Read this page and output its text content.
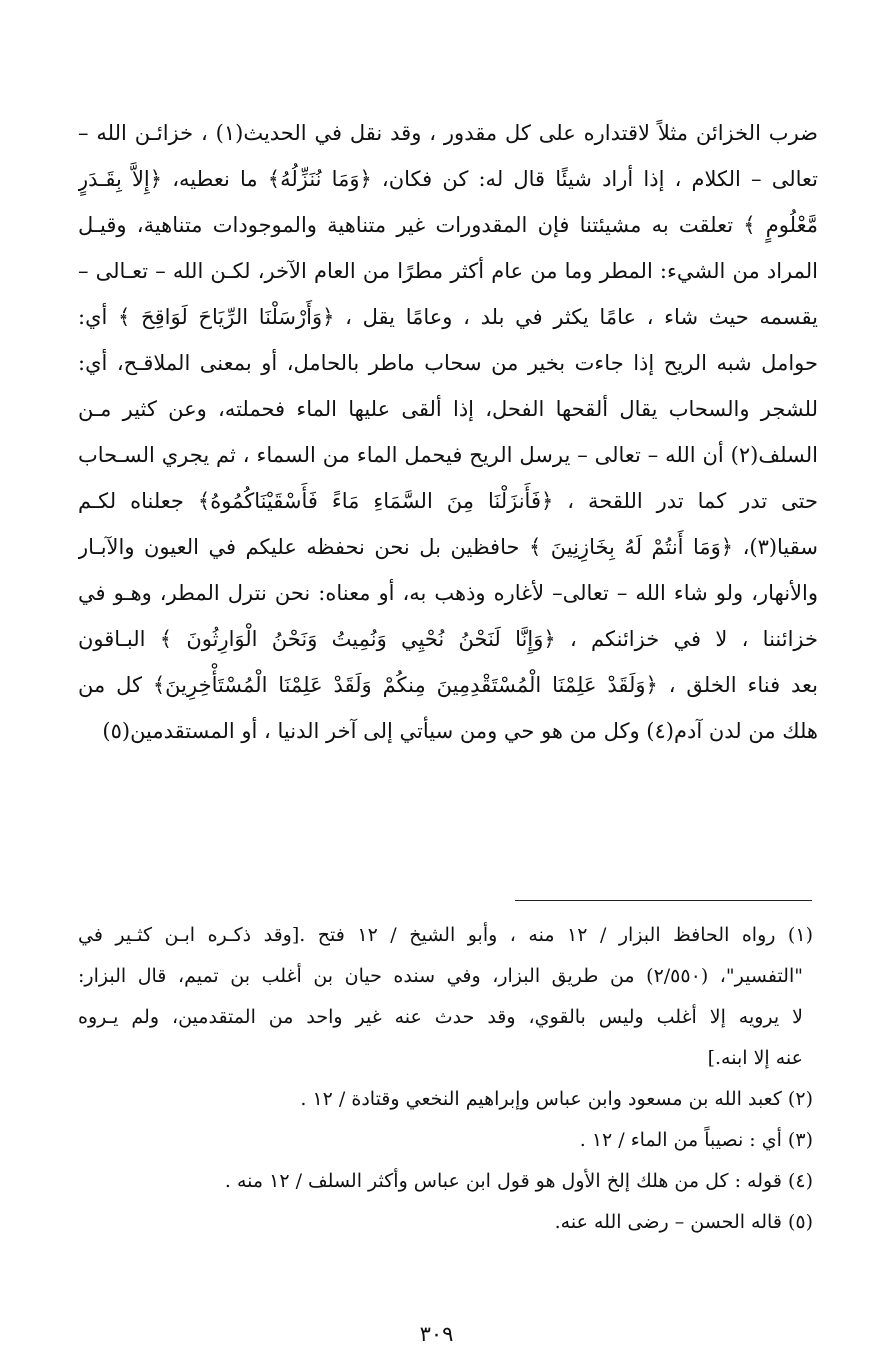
ضرب الخزائن مثلاً لاقتداره على كل مقدور ، وقد نقل في الحديث(١) ، خزائـن الله –
تعالى – الكلام ، إذا أراد شيئًا قال له: كن فكان، ﴿وَمَا نُنَزِّلُهُ﴾ ما نعطيه، ﴿إِلاَّ بِقَـدَرٍ
مَّعْلُومٍ ﴾ تعلقت به مشيئتنا فإن المقدورات غير متناهية والموجودات متناهية، وقيـل
المراد من الشيء: المطر وما من عام أكثر مطرًا من العام الآخر، لكـن الله – تعـالى –
يقسمه حيث شاء ، عامًا يكثر في بلد ، وعامًا يقل ، ﴿وَأَرْسَلْنَا الرِّيَاحَ لَوَاقِحَ ﴾ أي:
حوامل شبه الريح إذا جاءت بخير من سحاب ماطر بالحامل، أو بمعنى الملاقـح، أي:
للشجر والسحاب يقال ألقحها الفحل، إذا ألقى عليها الماء فحملته، وعن كثير مـن
السلف(٢) أن الله – تعالى – يرسل الريح فيحمل الماء من السماء ، ثم يجري السـحاب
حتى تدر كما تدر اللقحة ، ﴿فَأَنزَلْنَا مِنَ السَّمَاءِ مَاءً فَأَسْقَيْنَاكُمُوهُ﴾ جعلناه لكـم
سقيا(٣)، ﴿وَمَا أَنتُمْ لَهُ بِخَازِنِينَ ﴾ حافظين بل نحن نحفظه عليكم في العيون والآبـار
والأنهار، ولو شاء الله – تعالى– لأغاره وذهب به، أو معناه: نحن نترل المطر، وهـو في
خزائننا ، لا في خزائنكم ، ﴿وَإِنَّا لَنَحْنُ نُحْيِي وَنُمِيتُ وَنَحْنُ الْوَارِثُونَ ﴾ البـاقون
بعد فناء الخلق ، ﴿وَلَقَدْ عَلِمْنَا الْمُسْتَقْدِمِينَ مِنكُمْ وَلَقَدْ عَلِمْنَا الْمُسْتَأْخِرِينَ﴾ كل من
هلك من لدن آدم(٤) وكل من هو حي ومن سيأتي إلى آخر الدنيا ، أو المستقدمين(٥)
(١) رواه الحافظ البزار / ١٢ منه ، وأبو الشيخ / ١٢ فتح .[وقد ذكـره ابـن كثـير في
"التفسير"، (٢/٥٥٠) من طريق البزار، وفي سنده حيان بن أغلب بن تميم، قال البزار:
لا يرويه إلا أغلب وليس بالقوي، وقد حدث عنه غير واحد من المتقدمين، ولم يـروه
عنه إلا ابنه.]
(٢) كعبد الله بن مسعود وابن عباس وإبراهيم النخعي وقتادة / ١٢ .
(٣) أي : نصيباً من الماء / ١٢ .
(٤) قوله : كل من هلك إلخ الأول هو قول ابن عباس وأكثر السلف / ١٢ منه .
(٥) قاله الحسن – رضى الله عنه.
٣٠٩
